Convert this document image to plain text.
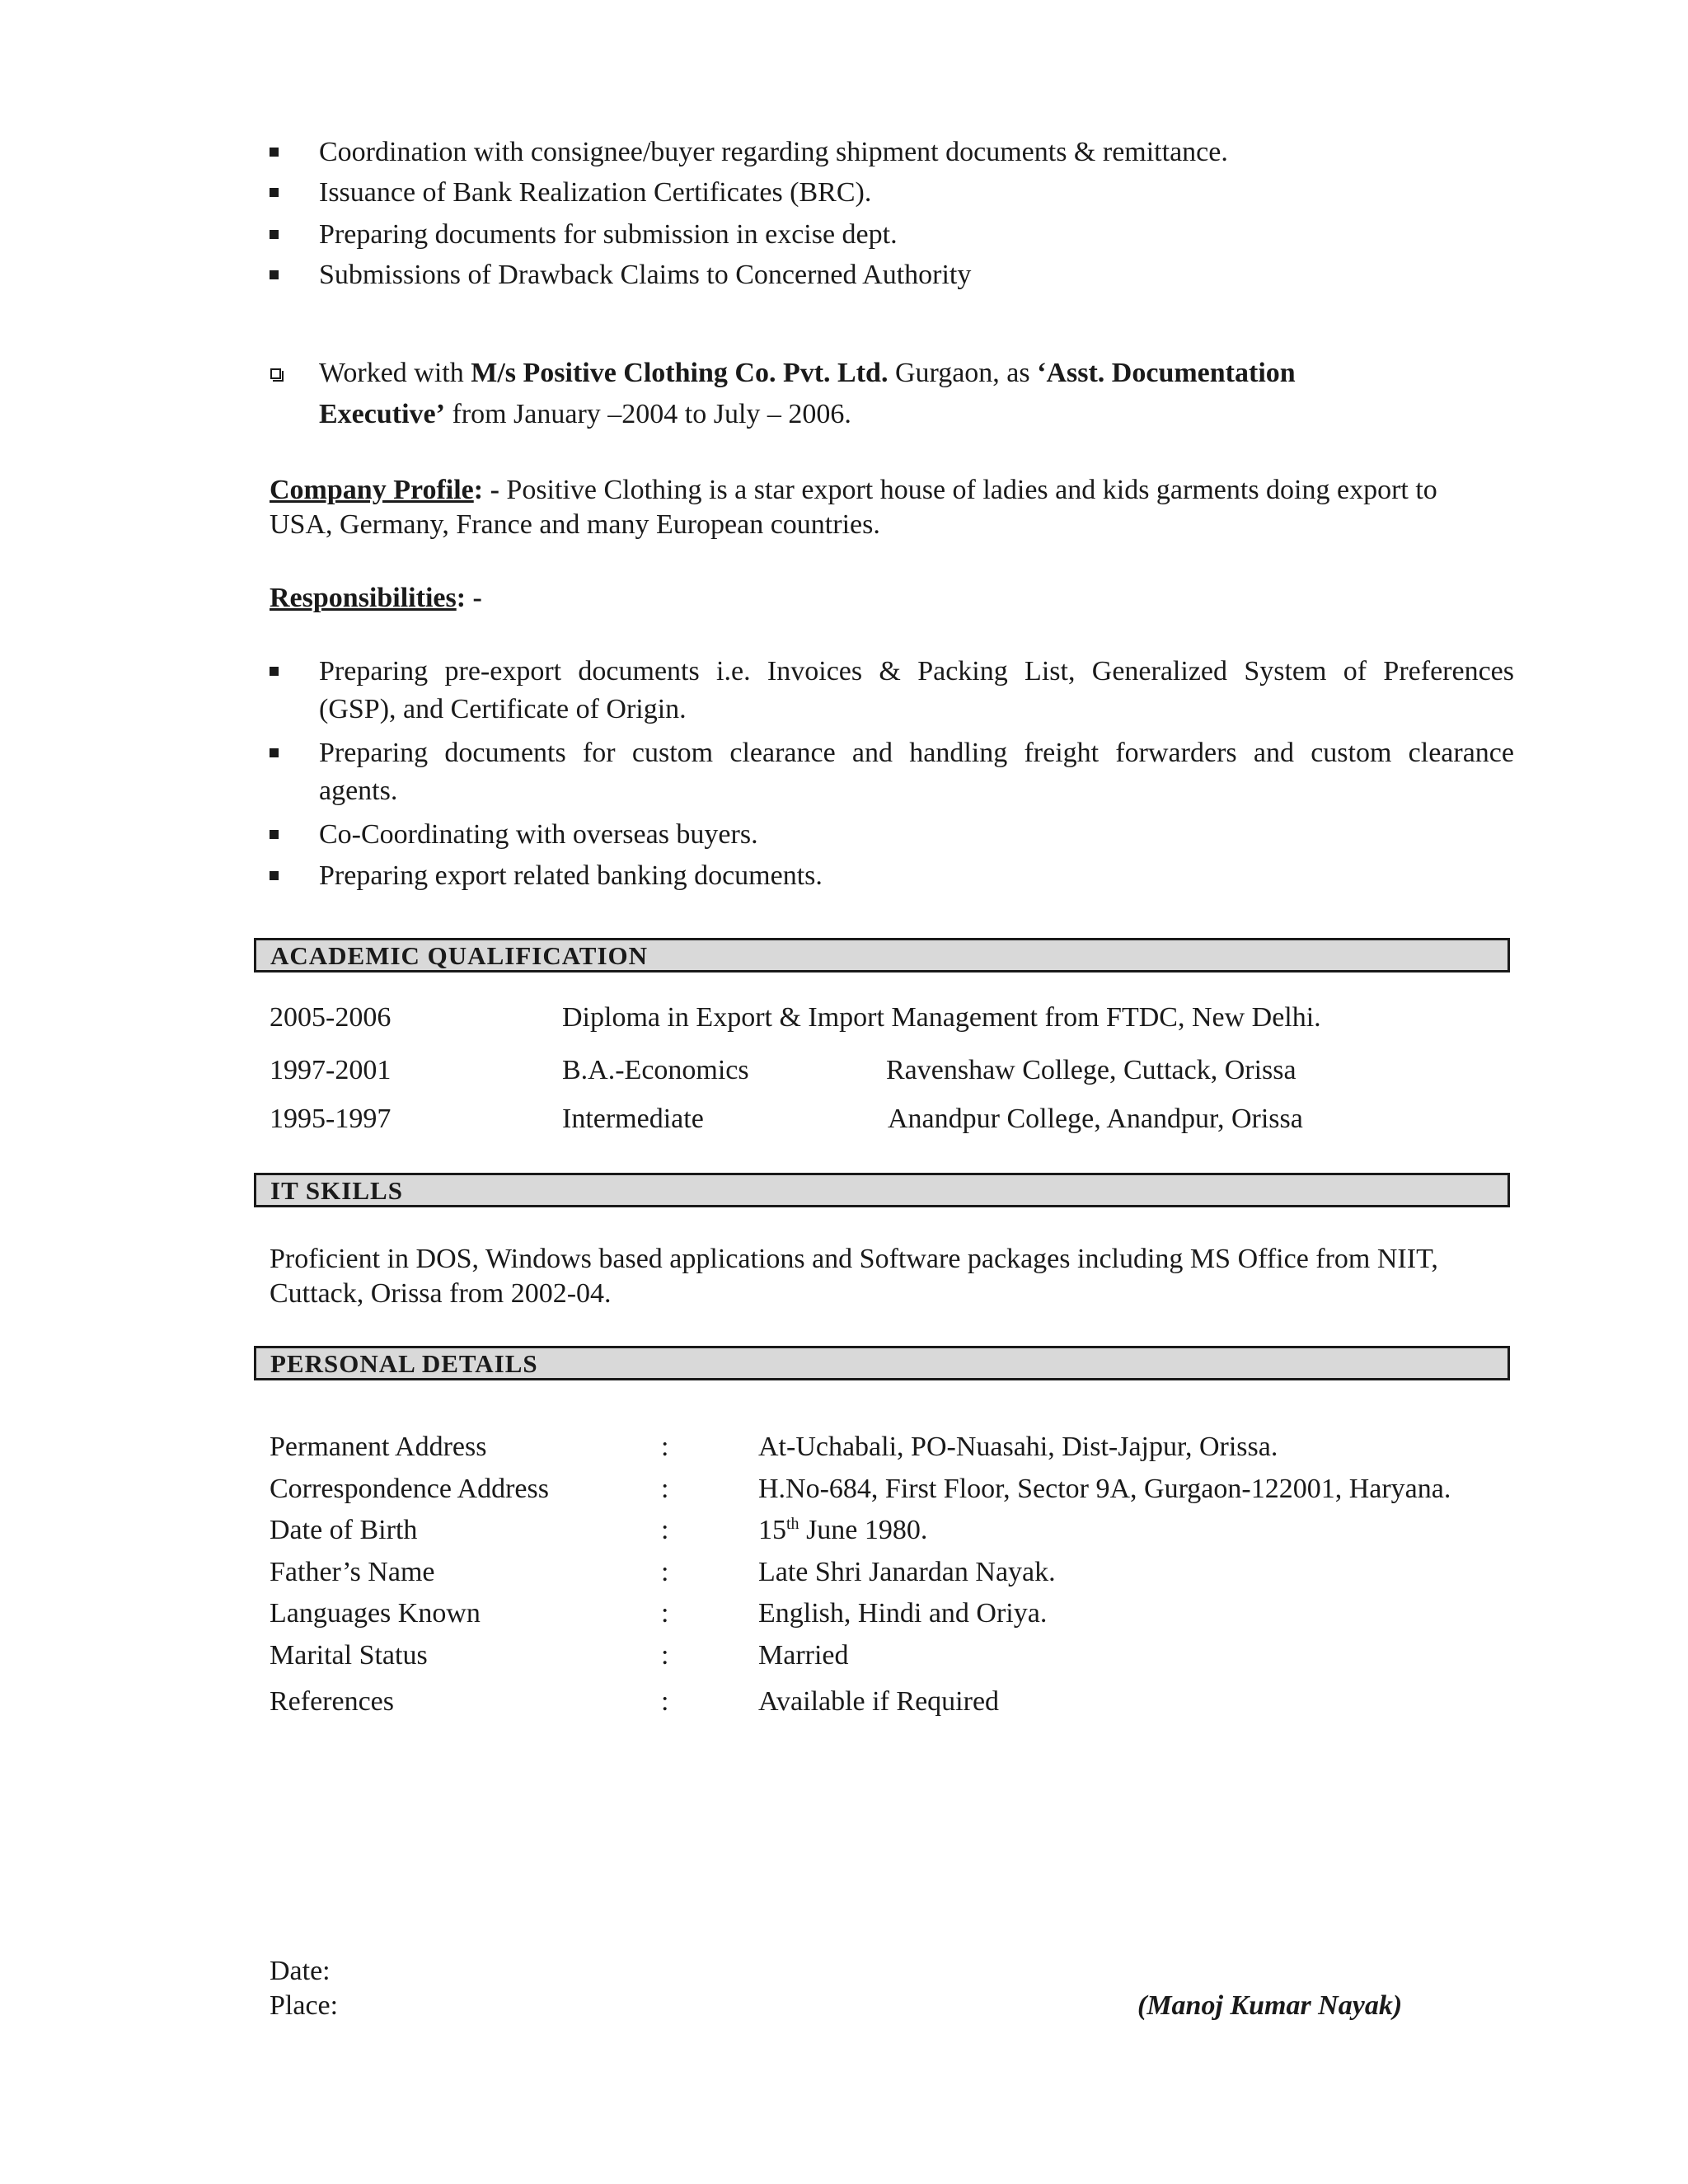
Coordination with consignee/buyer regarding shipment documents & remittance.
Issuance of Bank Realization Certificates (BRC).
Preparing documents for submission in excise dept.
Submissions of Drawback Claims to Concerned Authority
Worked with M/s Positive Clothing Co. Pvt. Ltd. Gurgaon, as ‘Asst. Documentation
Executive’ from January –2004 to July – 2006.
Company Profile: - Positive Clothing is a star export house of ladies and kids garments doing export to
USA, Germany, France and many European countries.
Responsibilities: -
Preparing pre-export documents i.e. Invoices & Packing List, Generalized System of Preferences
(GSP), and Certificate of Origin.
Preparing documents for custom clearance and handling freight forwarders and custom clearance
agents.
Co-Coordinating with overseas buyers.
Preparing export related banking documents.
ACADEMIC QUALIFICATION
2005-2006	Diploma in Export & Import Management from FTDC, New Delhi.
1997-2001	B.A.-Economics	Ravenshaw College, Cuttack, Orissa
1995-1997	Intermediate	Anandpur College, Anandpur, Orissa
IT SKILLS
Proficient in DOS, Windows based applications and Software packages including MS Office from NIIT,
Cuttack, Orissa from 2002-04.
PERSONAL DETAILS
Permanent Address	:	At-Uchabali, PO-Nuasahi, Dist-Jajpur, Orissa.
Correspondence Address	:	H.No-684, First Floor, Sector 9A, Gurgaon-122001, Haryana.
Date of Birth	:	15th June 1980.
Father’s Name	:	Late Shri Janardan Nayak.
Languages Known	:	English, Hindi and Oriya.
Marital Status	:	Married
References	:	Available if Required
Date:
Place:	(Manoj Kumar Nayak)
